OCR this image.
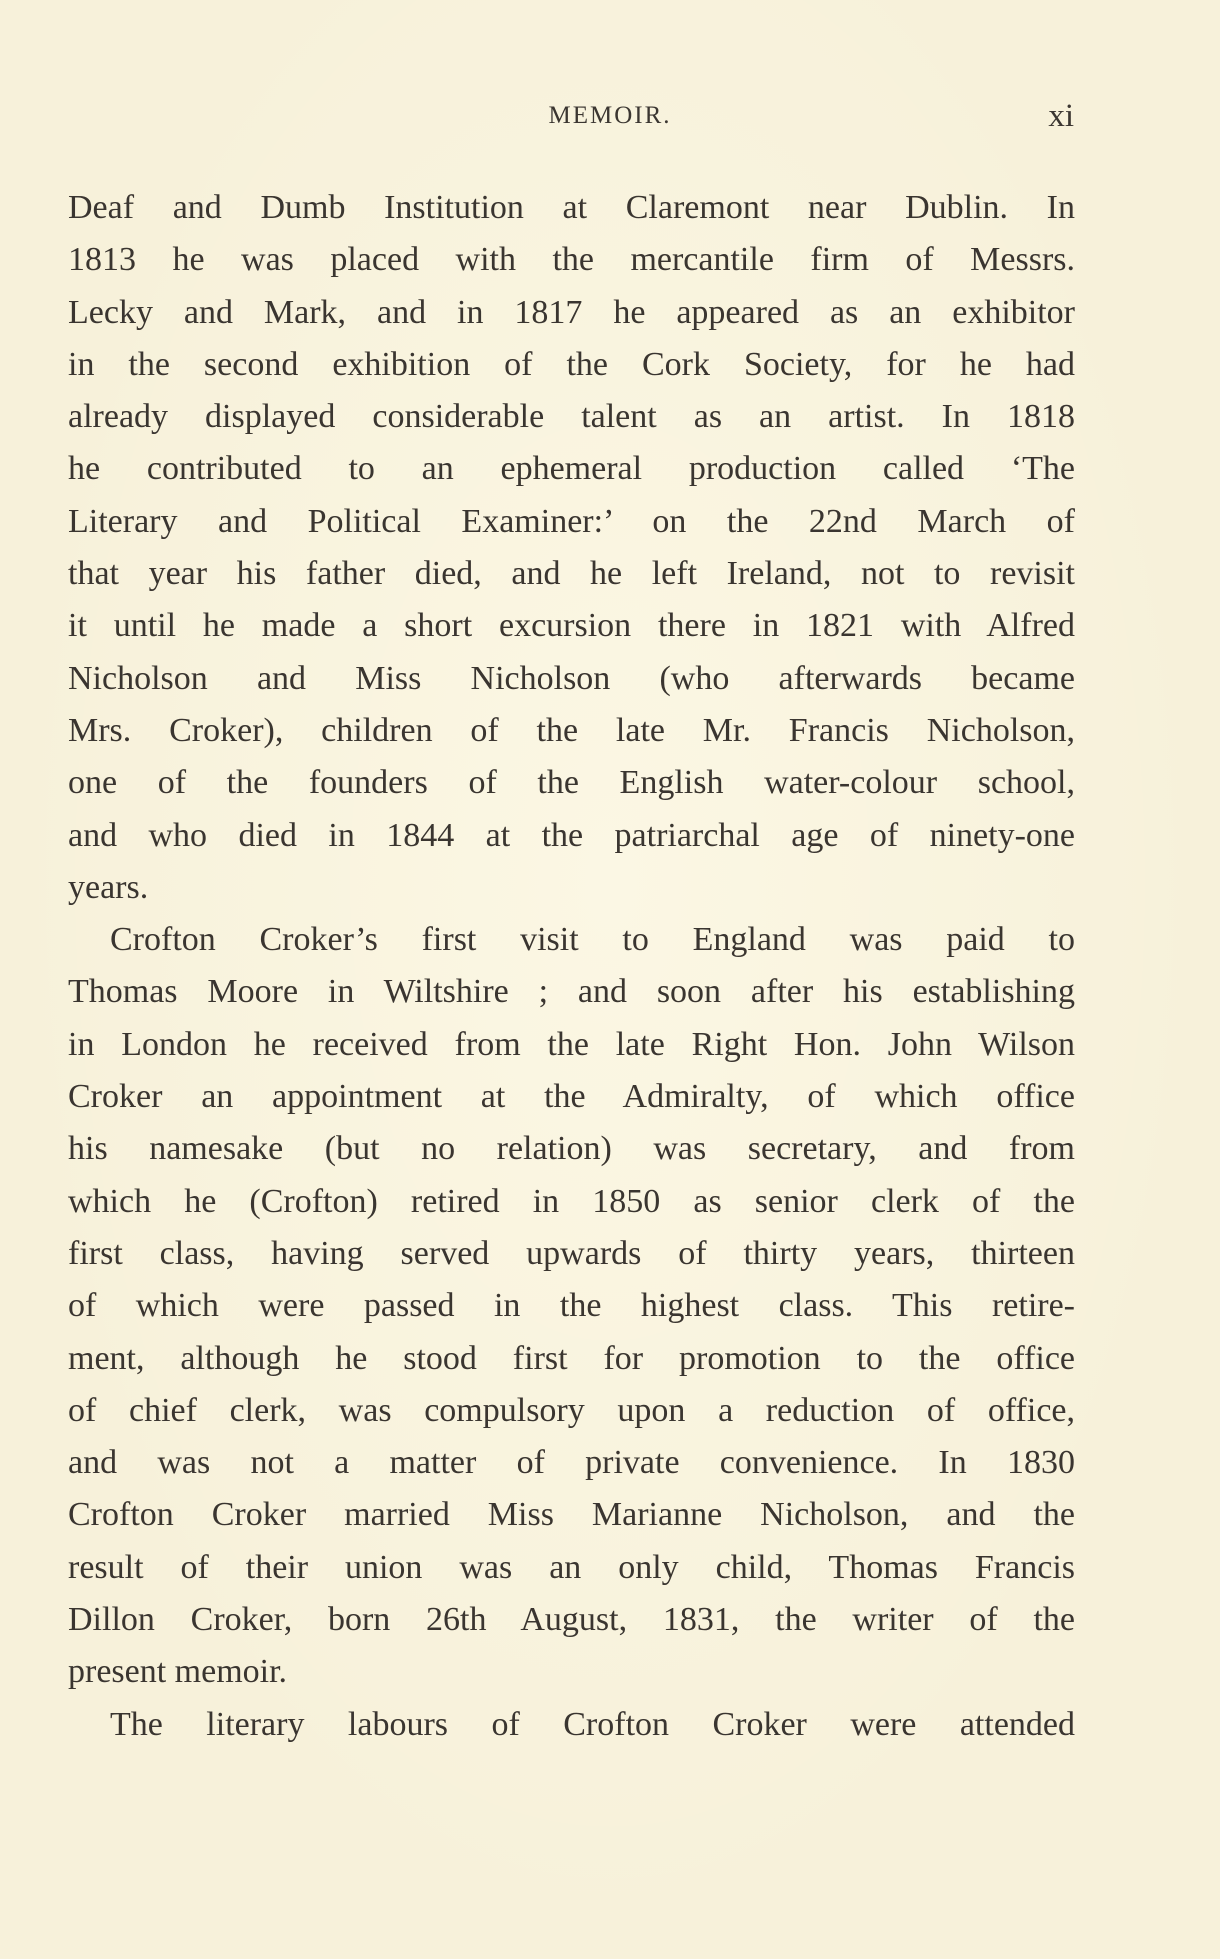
MEMOIR.	xi
Deaf and Dumb Institution at Claremont near Dublin. In
1813 he was placed with the mercantile firm of Messrs.
Lecky and Mark, and in 1817 he appeared as an exhibitor
in the second exhibition of the Cork Society, for he had
already displayed considerable talent as an artist. In 1818
he contributed to an ephemeral production called ‘The
Literary and Political Examiner:’ on the 22nd March of
that year his father died, and he left Ireland, not to revisit
it until he made a short excursion there in 1821 with Alfred
Nicholson and Miss Nicholson (who afterwards became
Mrs. Croker), children of the late Mr. Francis Nicholson,
one of the founders of the English water-colour school,
and who died in 1844 at the patriarchal age of ninety-one
years.
Crofton Croker’s first visit to England was paid to
Thomas Moore in Wiltshire ; and soon after his establishing
in London he received from the late Right Hon. John Wilson
Croker an appointment at the Admiralty, of which office
his namesake (but no relation) was secretary, and from
which he (Crofton) retired in 1850 as senior clerk of the
first class, having served upwards of thirty years, thirteen
of which were passed in the highest class. This retire-
ment, although he stood first for promotion to the office
of chief clerk, was compulsory upon a reduction of office,
and was not a matter of private convenience. In 1830
Crofton Croker married Miss Marianne Nicholson, and the
result of their union was an only child, Thomas Francis
Dillon Croker, born 26th August, 1831, the writer of the
present memoir.
The literary labours of Crofton Croker were attended
